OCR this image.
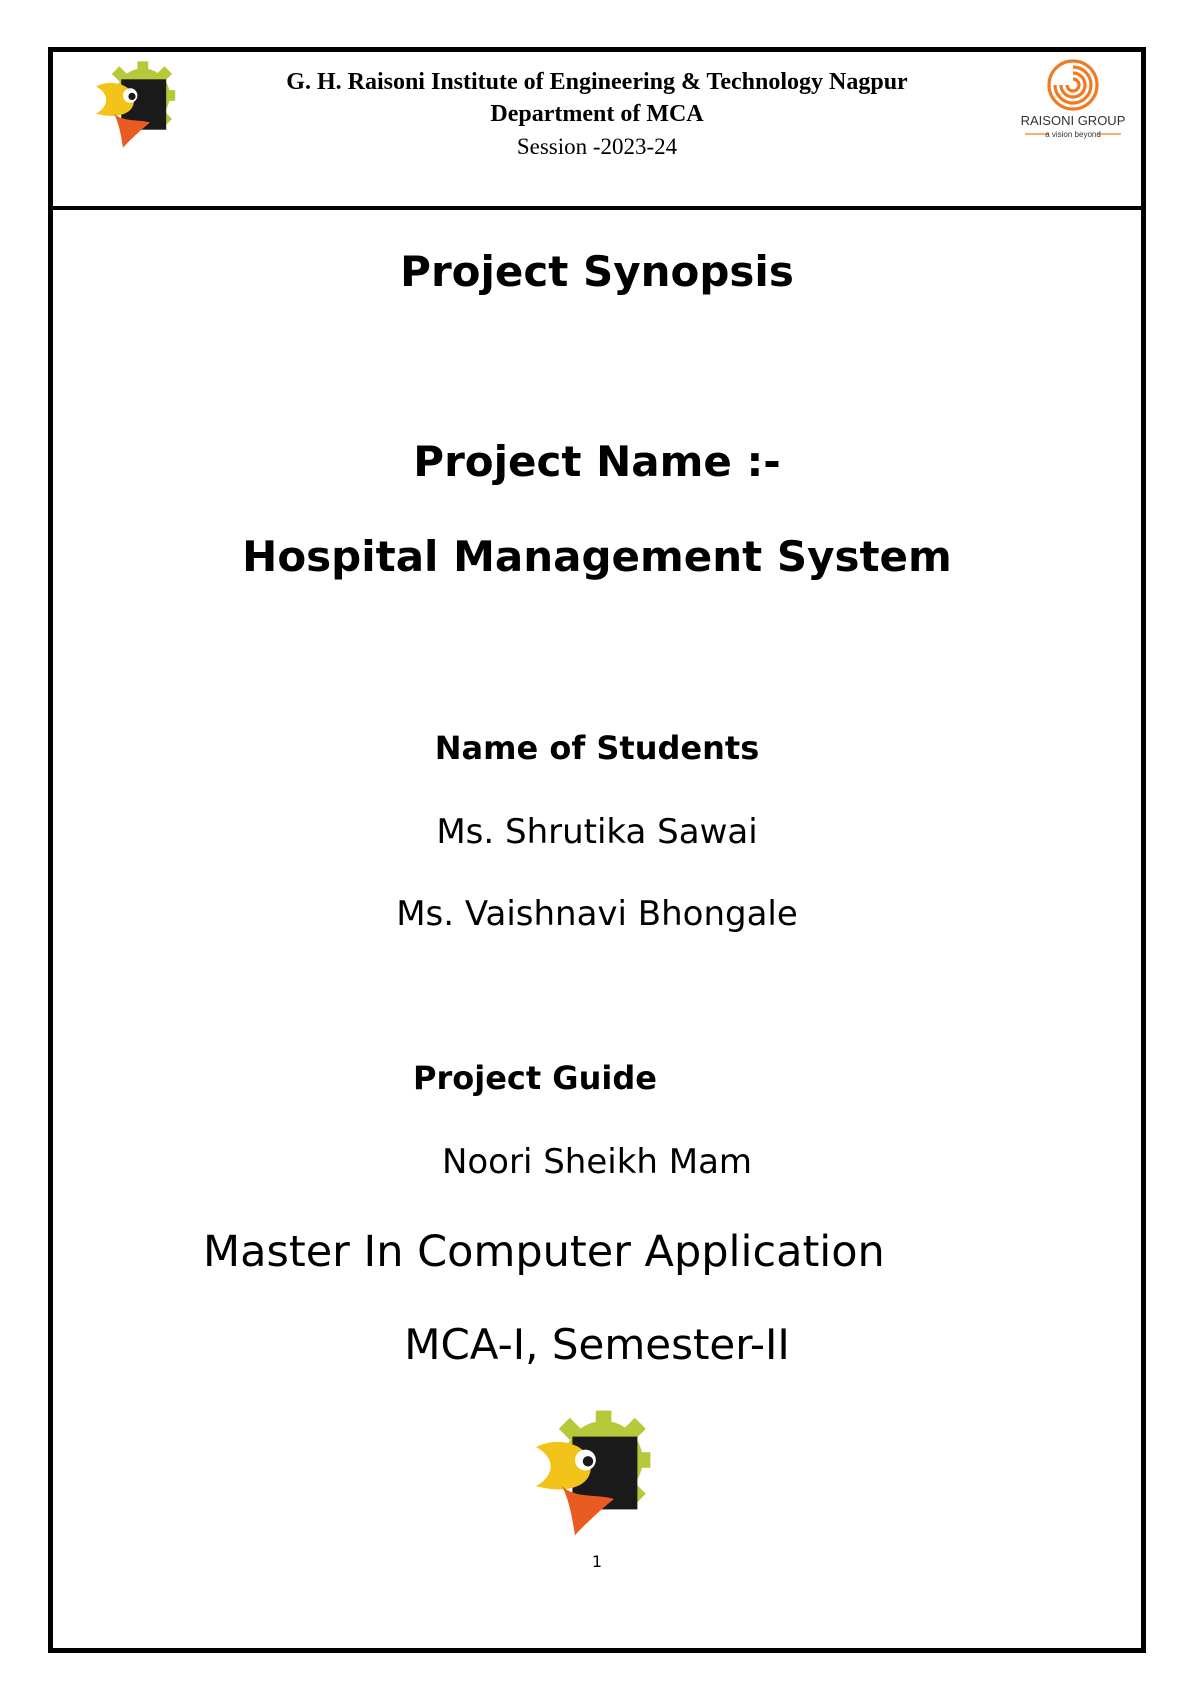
G. H. Raisoni Institute of Engineering & Technology Nagpur
Department of MCA
Session -2023-24
RAISONI GROUP
a vision beyond
Project Synopsis
Project Name :-
Hospital Management System
Name of Students
Ms. Shrutika Sawai
Ms. Vaishnavi Bhongale
Project Guide
Noori Sheikh Mam
Master In Computer Application
MCA-I, Semester-II
1
